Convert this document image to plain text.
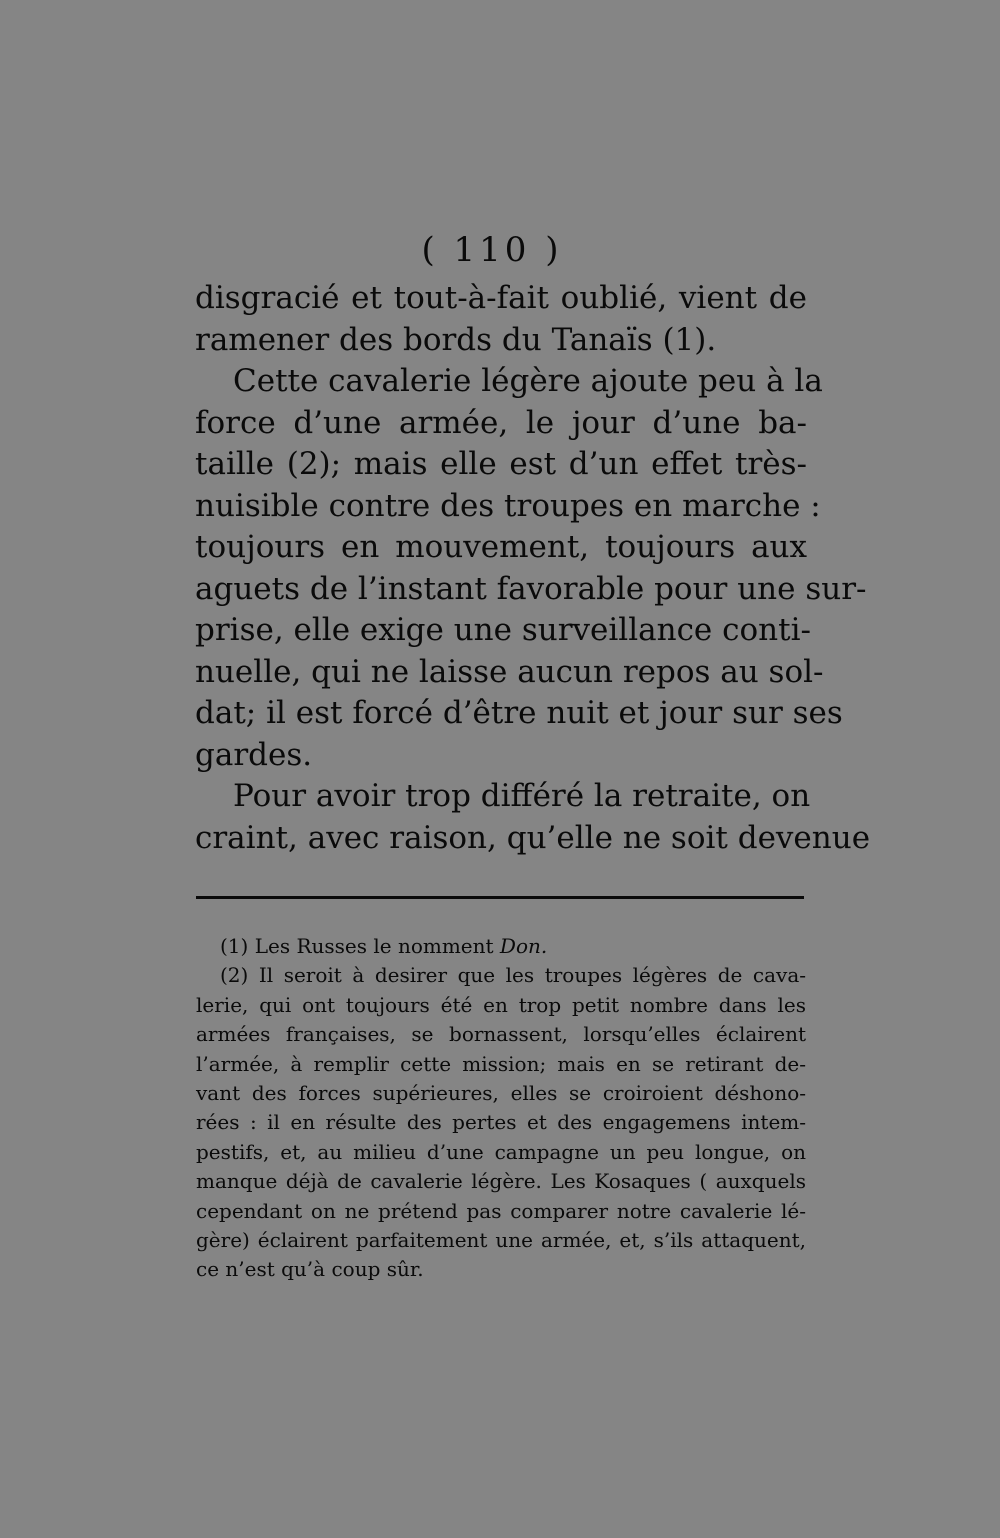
( 110 )
disgracié et tout-à-fait oublié, vient de
ramener des bords du Tanaïs (1).
Cette cavalerie légère ajoute peu à la
force d’une armée, le jour d’une ba-
taille (2); mais elle est d’un effet très-
nuisible contre des troupes en marche :
toujours en mouvement, toujours aux
aguets de l’instant favorable pour une sur-
prise, elle exige une surveillance conti-
nuelle, qui ne laisse aucun repos au sol-
dat; il est forcé d’être nuit et jour sur ses
gardes.
Pour avoir trop différé la retraite, on
craint, avec raison, qu’elle ne soit devenue
(1) Les Russes le nomment Don.
(2) Il seroit à desirer que les troupes légères de cava-
lerie, qui ont toujours été en trop petit nombre dans les
armées françaises, se bornassent, lorsqu’elles éclairent
l’armée, à remplir cette mission; mais en se retirant de-
vant des forces supérieures, elles se croiroient déshono-
rées : il en résulte des pertes et des engagemens intem-
pestifs, et, au milieu d’une campagne un peu longue, on
manque déjà de cavalerie légère. Les Kosaques ( auxquels
cependant on ne prétend pas comparer notre cavalerie lé-
gère) éclairent parfaitement une armée, et, s’ils attaquent,
ce n’est qu’à coup sûr.
